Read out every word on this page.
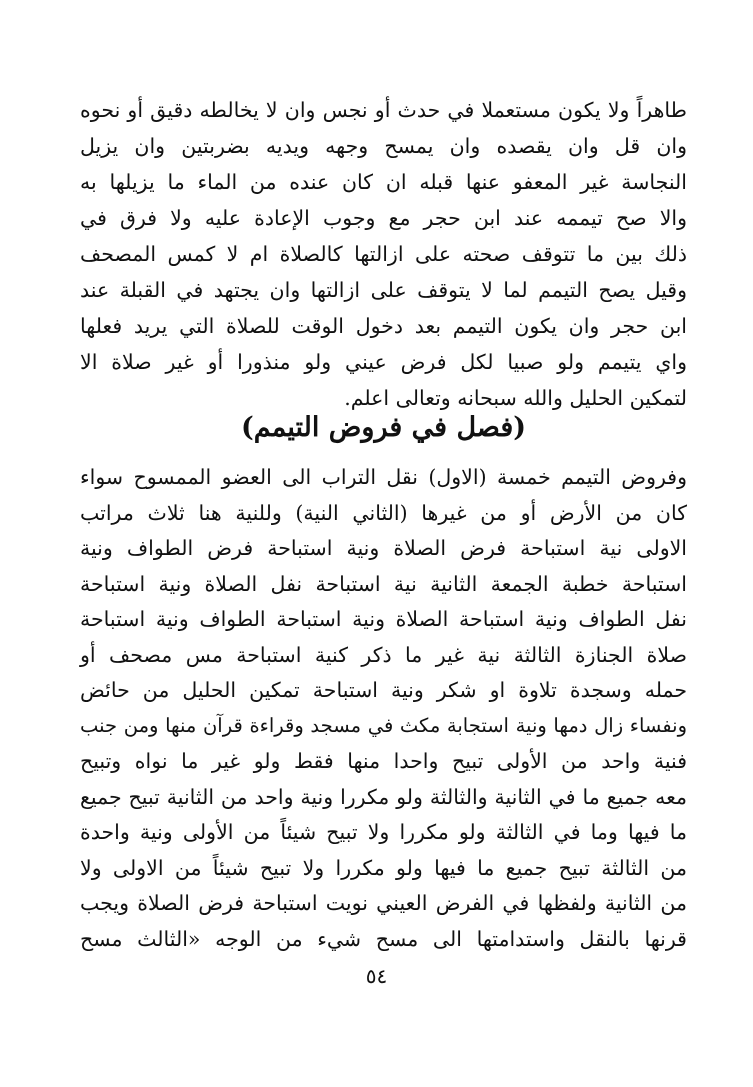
طاهراً ولا يكون مستعملا في حدث أو نجس وان لا يخالطه دقيق أو نحوه
وان قل وان يقصده وان يمسح وجهه ويديه بضربتين وان يزيل
النجاسة غير المعفو عنها قبله ان كان عنده من الماء ما يزيلها به
والا صح تيممه عند ابن حجر مع وجوب الإعادة عليه ولا فرق في
ذلك بين ما تتوقف صحته على ازالتها كالصلاة ام لا كمس المصحف
وقيل يصح التيمم لما لا يتوقف على ازالتها وان يجتهد في القبلة عند
ابن حجر وان يكون التيمم بعد دخول الوقت للصلاة التي يريد فعلها
واي يتيمم ولو صبيا لكل فرض عيني ولو منذورا أو غير صلاة الا
لتمكين الحليل والله سبحانه وتعالى اعلم.
(فصل في فروض التيمم)
وفروض التيمم خمسة (الاول) نقل التراب الى العضو الممسوح سواء
كان من الأرض أو من غيرها (الثاني النية) وللنية هنا ثلاث مراتب
الاولى نية استباحة فرض الصلاة ونية استباحة فرض الطواف ونية
استباحة خطبة الجمعة الثانية نية استباحة نفل الصلاة ونية استباحة
نفل الطواف ونية استباحة الصلاة ونية استباحة الطواف ونية استباحة
صلاة الجنازة الثالثة نية غير ما ذكر كنية استباحة مس مصحف أو
حمله وسجدة تلاوة او شكر ونية استباحة تمكين الحليل من حائض
ونفساء زال دمها ونية استجابة مكث في مسجد وقراءة قرآن منها ومن جنب
فنية واحد من الأولى تبيح واحدا منها فقط ولو غير ما نواه وتبيح
معه جميع ما في الثانية والثالثة ولو مكررا ونية واحد من الثانية تبيح جميع
ما فيها وما في الثالثة ولو مكررا ولا تبيح شيئاً من الأولى ونية واحدة
من الثالثة تبيح جميع ما فيها ولو مكررا ولا تبيح شيئاً من الاولى ولا
من الثانية ولفظها في الفرض العيني نويت استباحة فرض الصلاة ويجب
قرنها بالنقل واستدامتها الى مسح شيء من الوجه «الثالث مسح
٥٤
